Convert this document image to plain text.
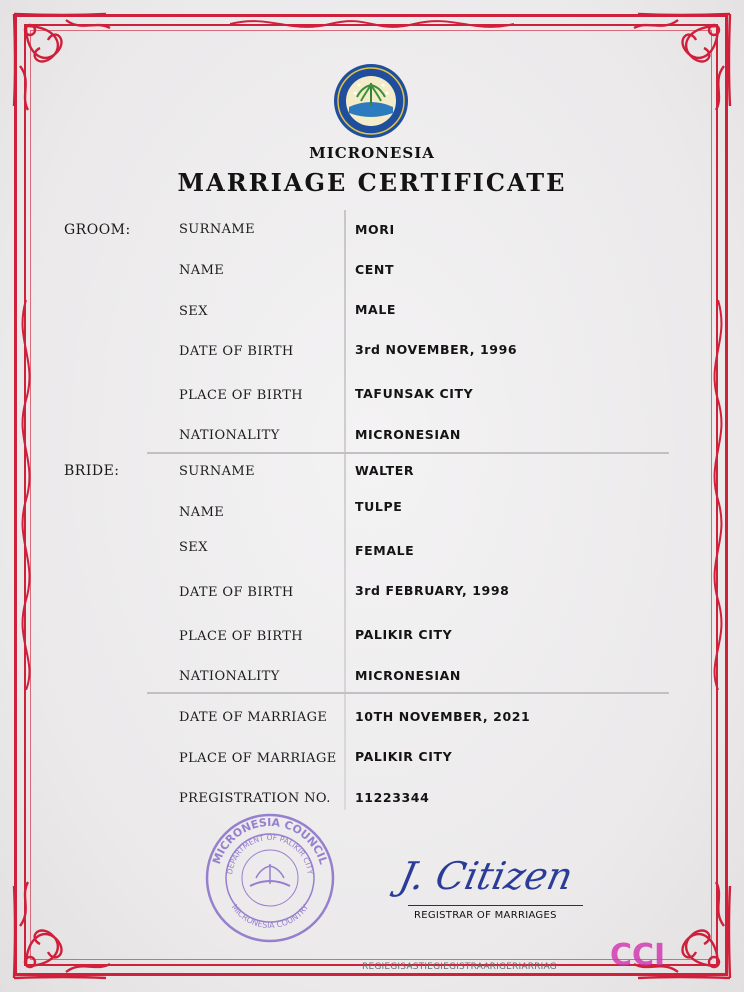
MICRONESIA
MARRIAGE CERTIFICATE
GROOM:	SURNAME	MORI
NAME	CENT
SEX	MALE
DATE OF BIRTH	3rd NOVEMBER, 1996
PLACE OF BIRTH	TAFUNSAK CITY
NATIONALITY	MICRONESIAN
BRIDE:	SURNAME	WALTER
NAME	TULPE
SEX	FEMALE
DATE OF BIRTH	3rd FEBRUARY, 1998
PLACE OF BIRTH	PALIKIR CITY
NATIONALITY	MICRONESIAN
DATE OF MARRIAGE 10TH NOVEMBER, 2021
PLACE OF MARRIAGE PALIKIR CITY
PREGISTRATION NO. 11223344
MICRONESIA COUNCIL
DEPARTMENT OF PALIKIR CITY
MICRONESIA COUNTRY
J. Citizen
REGISTRAR OF MARRIAGES
REGIEGISASTIEGIEGISTRAARIGERIARRIAG	CCI
